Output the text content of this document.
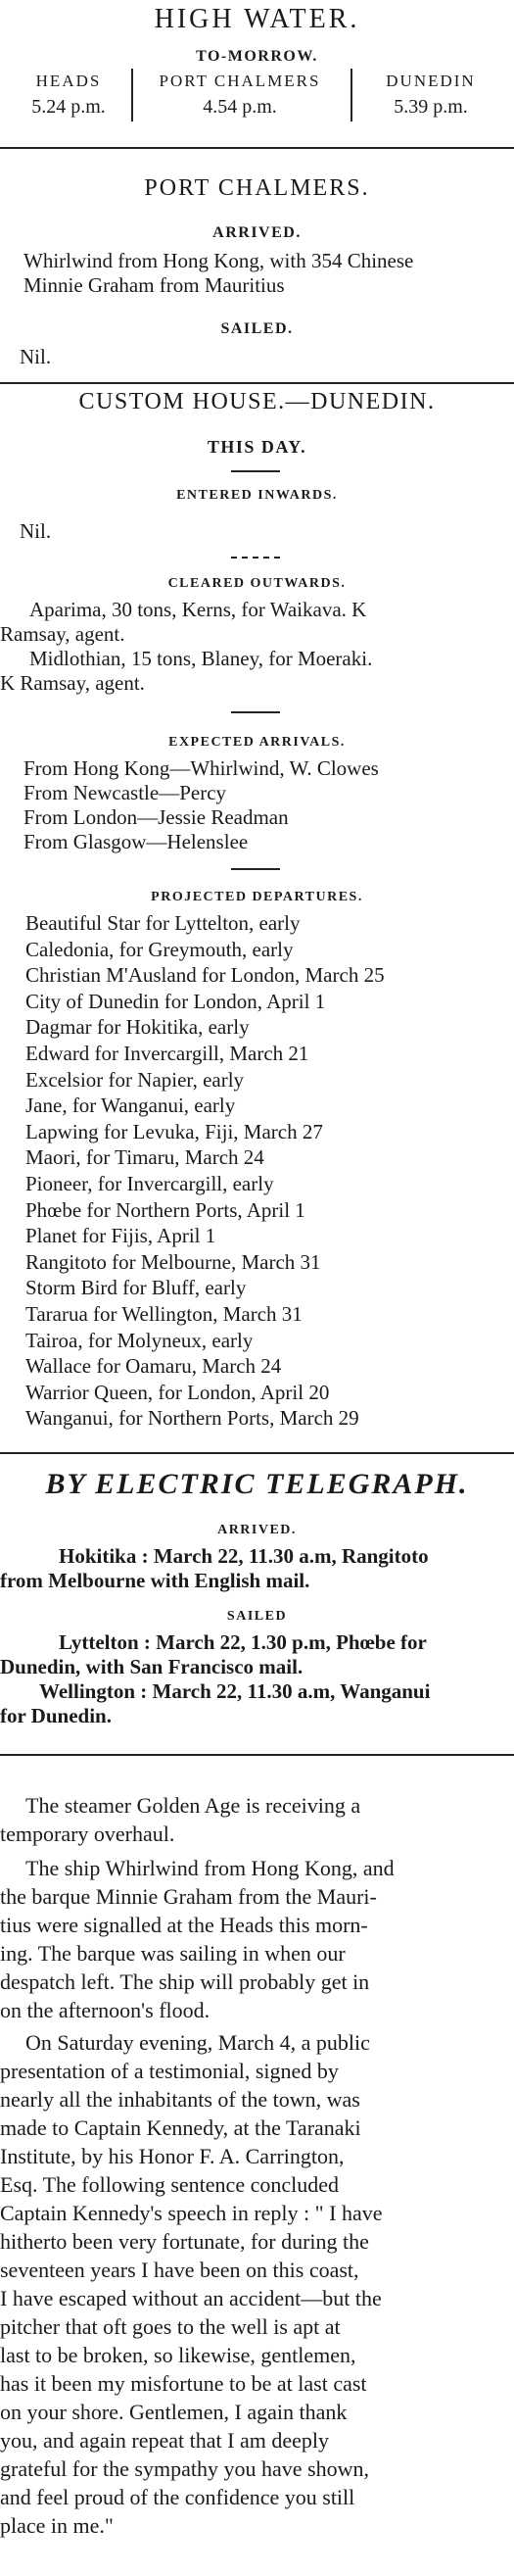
HIGH WATER.
TO-MORROW.
HEADS
5.24 p.m.
PORT CHALMERS
4.54 p.m.
DUNEDIN
5.39 p.m.
PORT CHALMERS.
ARRIVED.
Whirlwind from Hong Kong, with 354 Chinese
Minnie Graham from Mauritius
SAILED.
Nil.
CUSTOM HOUSE.—DUNEDIN.
THIS DAY.
ENTERED INWARDS.
Nil.
CLEARED OUTWARDS.
Aparima, 30 tons, Kerns, for Waikava. K
Ramsay, agent.
Midlothian, 15 tons, Blaney, for Moeraki.
K Ramsay, agent.
EXPECTED ARRIVALS.
From Hong Kong—Whirlwind, W. Clowes
From Newcastle—Percy
From London—Jessie Readman
From Glasgow—Helenslee
PROJECTED DEPARTURES.
Beautiful Star for Lyttelton, early
Caledonia, for Greymouth, early
Christian M'Ausland for London, March 25
City of Dunedin for London, April 1
Dagmar for Hokitika, early
Edward for Invercargill, March 21
Excelsior for Napier, early
Jane, for Wanganui, early
Lapwing for Levuka, Fiji, March 27
Maori, for Timaru, March 24
Pioneer, for Invercargill, early
Phœbe for Northern Ports, April 1
Planet for Fijis, April 1
Rangitoto for Melbourne, March 31
Storm Bird for Bluff, early
Tararua for Wellington, March 31
Tairoa, for Molyneux, early
Wallace for Oamaru, March 24
Warrior Queen, for London, April 20
Wanganui, for Northern Ports, March 29
BY ELECTRIC TELEGRAPH.
ARRIVED.
Hokitika : March 22, 11.30 a.m, Rangitoto
from Melbourne with English mail.
SAILED
Lyttelton : March 22, 1.30 p.m, Phœbe for
Dunedin, with San Francisco mail.
Wellington : March 22, 11.30 a.m, Wanganui
for Dunedin.
The steamer Golden Age is receiving a
temporary overhaul.
The ship Whirlwind from Hong Kong, and
the barque Minnie Graham from the Mauri-
tius were signalled at the Heads this morn-
ing. The barque was sailing in when our
despatch left. The ship will probably get in
on the afternoon's flood.
On Saturday evening, March 4, a public
presentation of a testimonial, signed by
nearly all the inhabitants of the town, was
made to Captain Kennedy, at the Taranaki
Institute, by his Honor F. A. Carrington,
Esq. The following sentence concluded
Captain Kennedy's speech in reply : " I have
hitherto been very fortunate, for during the
seventeen years I have been on this coast,
I have escaped without an accident—but the
pitcher that oft goes to the well is apt at
last to be broken, so likewise, gentlemen,
has it been my misfortune to be at last cast
on your shore. Gentlemen, I again thank
you, and again repeat that I am deeply
grateful for the sympathy you have shown,
and feel proud of the confidence you still
place in me."
